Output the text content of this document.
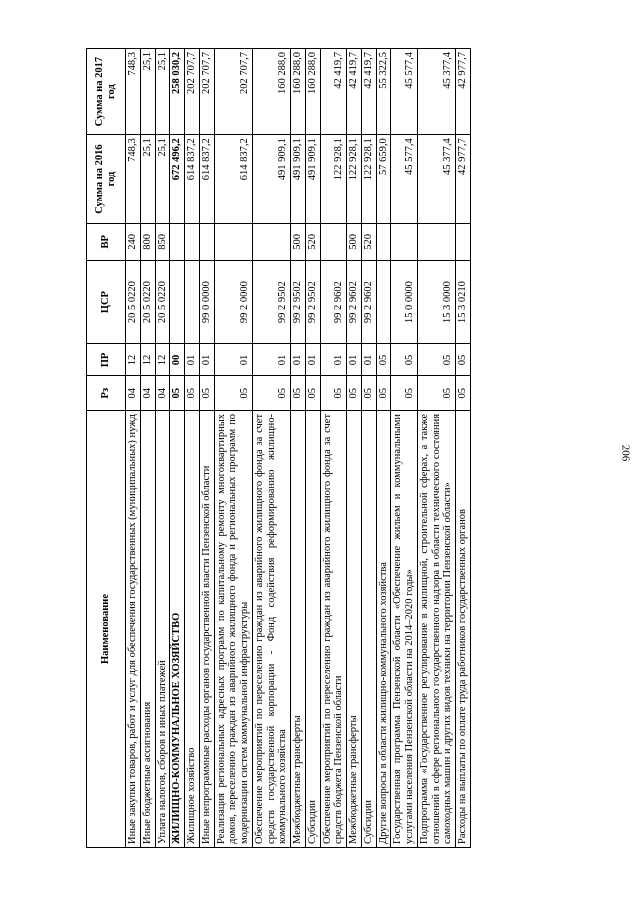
206
Наименование	Рз	ПР	ЦСР	ВР	Сумма на 2016 год	Сумма на 2017 год
Иные закупки товаров, работ и услуг для обеспечения государственных (муниципальных) нужд	04	12	20 5 0220	240	748,3	748,3
Иные бюджетные ассигнования	04	12	20 5 0220	800	25,1	25,1
Уплата налогов, сборов и иных платежей	04	12	20 5 0220	850	25,1	25,1
ЖИЛИЩНО-КОММУНАЛЬНОЕ ХОЗЯЙСТВО	05	00			672 496,2	258 030,2
Жилищное хозяйство	05	01			614 837,2	202 707,7
Иные непрограммные расходы органов государственной власти Пензенской области	05	01	99 0 0000		614 837,2	202 707,7
Реализация региональных адресных программ по капитальному ремонту многоквартирных домов, переселению граждан из аварийного жилищного фонда и региональных программ по модернизации систем коммунальной инфраструктуры	05	01	99 2 0000		614 837,2	202 707,7
Обеспечение мероприятий по переселению граждан из аварийного жилищного фонда за счет средств государственной корпорации - Фонд содействия реформированию жилищно-коммунального хозяйства	05	01	99 2 9502		491 909,1	160 288,0
Межбюджетные трансферты	05	01	99 2 9502	500	491 909,1	160 288,0
Субсидии	05	01	99 2 9502	520	491 909,1	160 288,0
Обеспечение мероприятий по переселению граждан из аварийного жилищного фонда за счет средств бюджета Пензенской области	05	01	99 2 9602		122 928,1	42 419,7
Межбюджетные трансферты	05	01	99 2 9602	500	122 928,1	42 419,7
Субсидии	05	01	99 2 9602	520	122 928,1	42 419,7
Другие вопросы в области жилищно-коммунального хозяйства	05	05			57 659,0	55 322,5
Государственная программа Пензенской области «Обеспечение жильем и коммунальными услугами населения Пензенской области на 2014–2020 годы»	05	05	15 0 0000		45 577,4	45 577,4
Подпрограмма «Государственное регулирование в жилищной, строительной сферах, а также отношений в сфере регионального государственного надзора в области технического состояния самоходных машин и других видов техники на территории Пензенской области»	05	05	15 3 0000		45 377,4	45 377,4
Расходы на выплаты по оплате труда работников государственных органов	05	05	15 3 0210		42 977,7	42 977,7
